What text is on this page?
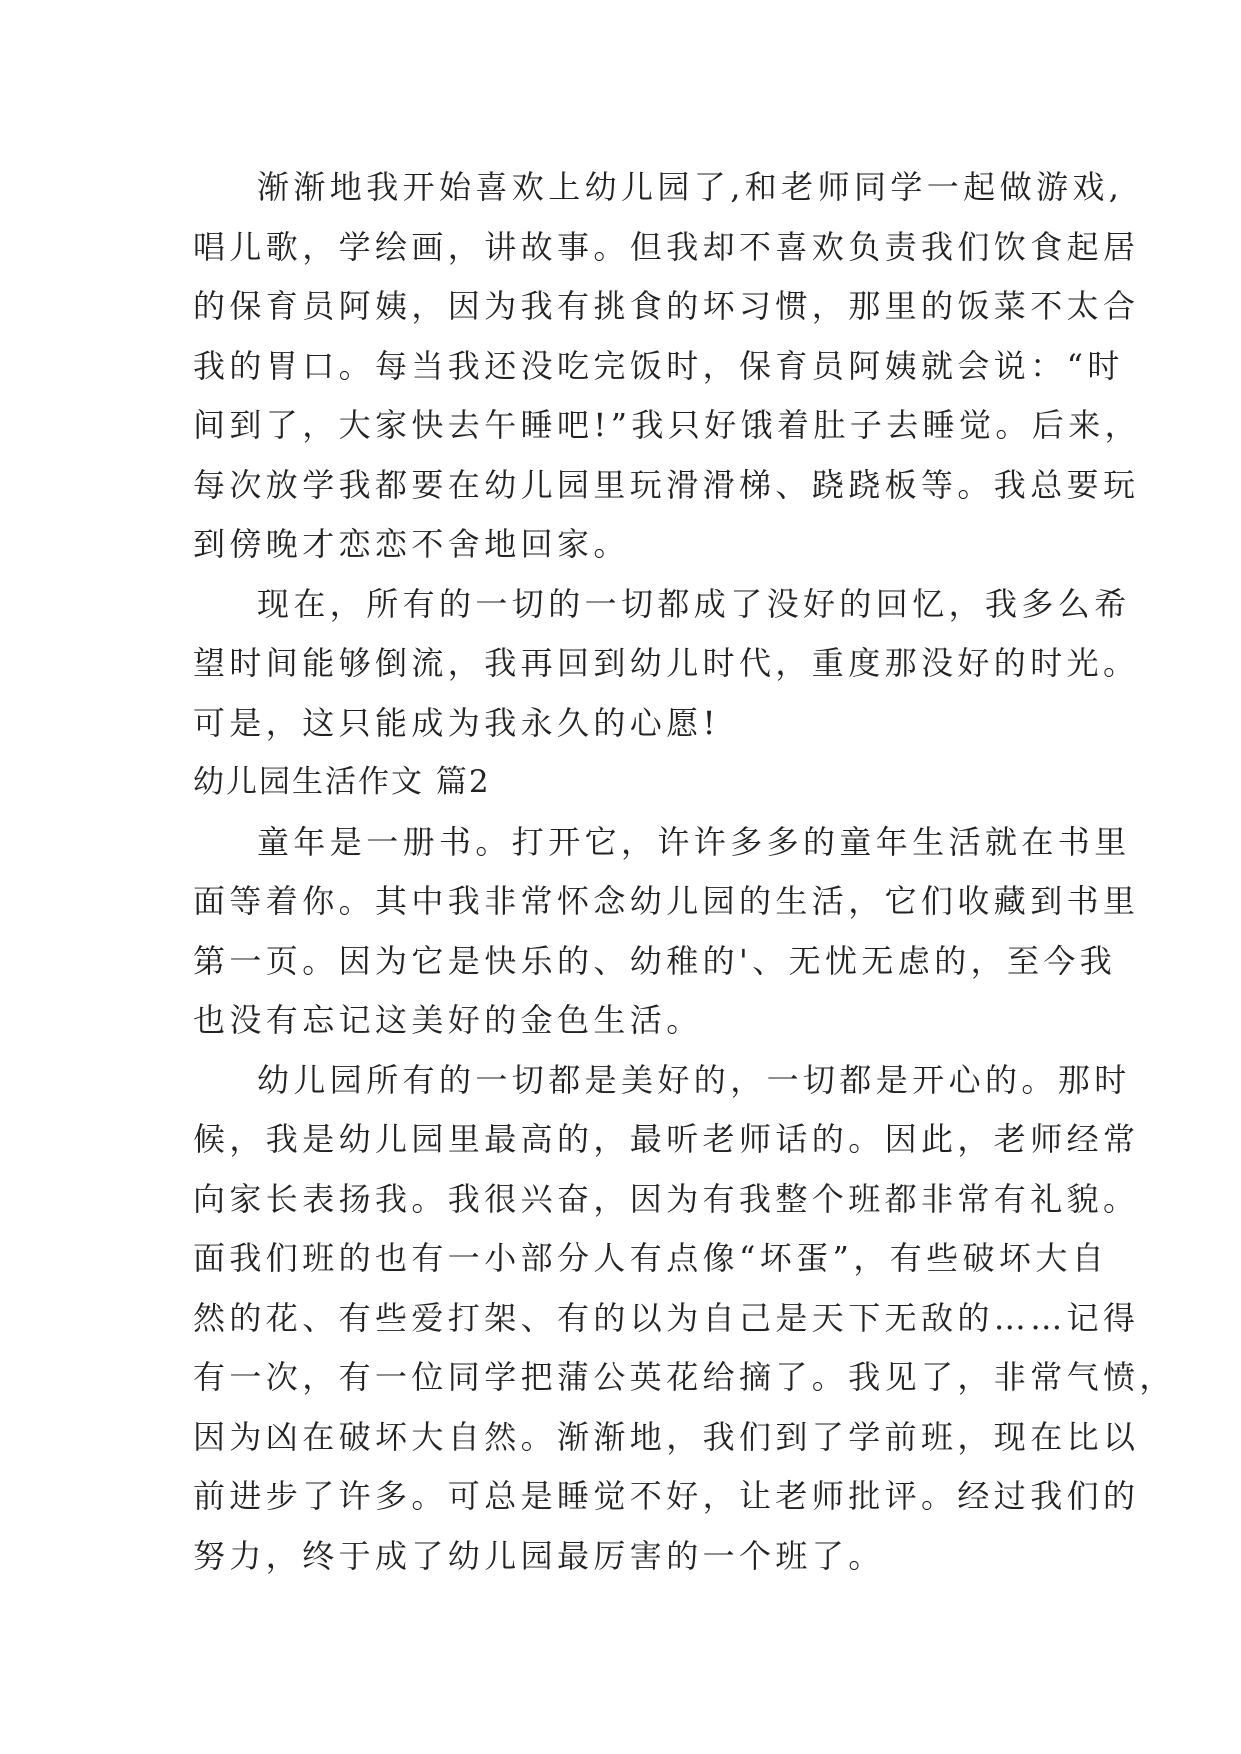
渐渐地我开始喜欢上幼儿园了,和老师同学一起做游戏,
唱儿歌，学绘画，讲故事。但我却不喜欢负责我们饮食起居
的保育员阿姨，因为我有挑食的坏习惯，那里的饭菜不太合
我的胃口。每当我还没吃完饭时，保育员阿姨就会说：“时
间到了，大家快去午睡吧!”我只好饿着肚子去睡觉。后来，
每次放学我都要在幼儿园里玩滑滑梯、跷跷板等。我总要玩
到傍晚才恋恋不舍地回家。
现在，所有的一切的一切都成了没好的回忆，我多么希
望时间能够倒流，我再回到幼儿时代，重度那没好的时光。
可是，这只能成为我永久的心愿!
幼儿园生活作文 篇2
童年是一册书。打开它，许许多多的童年生活就在书里
面等着你。其中我非常怀念幼儿园的生活，它们收藏到书里
第一页。因为它是快乐的、幼稚的'、无忧无虑的，至今我
也没有忘记这美好的金色生活。
幼儿园所有的一切都是美好的，一切都是开心的。那时
候，我是幼儿园里最高的，最听老师话的。因此，老师经常
向家长表扬我。我很兴奋，因为有我整个班都非常有礼貌。
面我们班的也有一小部分人有点像“坏蛋”，有些破坏大自
然的花、有些爱打架、有的以为自己是天下无敌的……记得
有一次，有一位同学把蒲公英花给摘了。我见了，非常气愤，
因为凶在破坏大自然。渐渐地，我们到了学前班，现在比以
前进步了许多。可总是睡觉不好，让老师批评。经过我们的
努力，终于成了幼儿园最厉害的一个班了。
